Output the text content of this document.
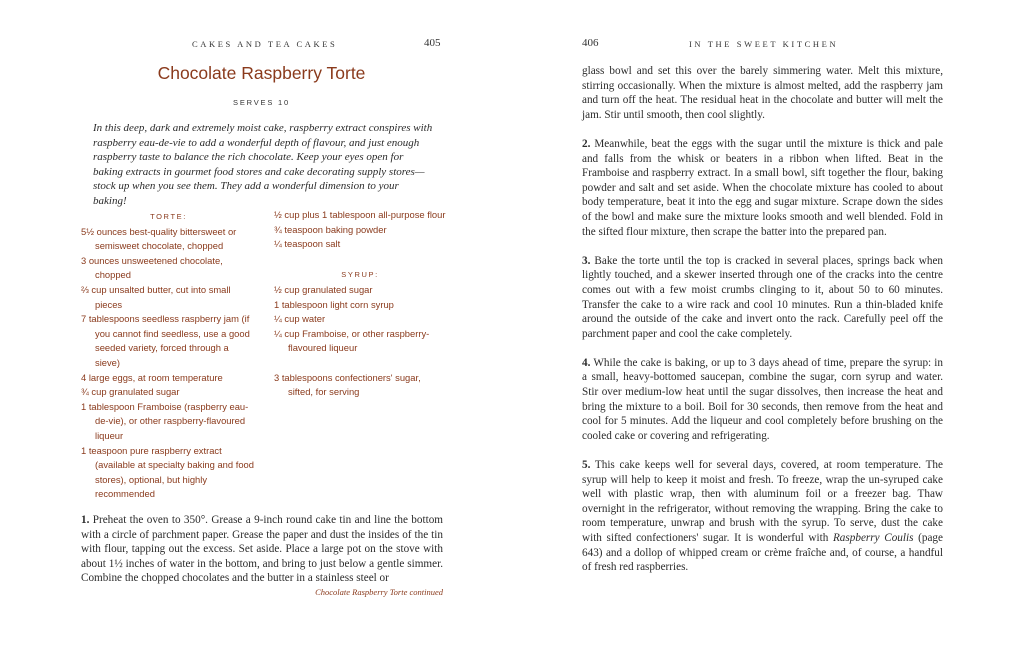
CAKES AND TEA CAKES	405
Chocolate Raspberry Torte
SERVES 10

In this deep, dark and extremely moist cake, raspberry extract conspires with raspberry eau-de-vie to add a wonderful depth of flavour, and just enough raspberry taste to balance the rich chocolate. Keep your eyes open for baking extracts in gourmet food stores and cake decorating supply stores—stock up when you see them. They add a wonderful dimension to your baking!

TORTE:
5½ ounces best-quality bittersweet or semisweet chocolate, chopped
3 ounces unsweetened chocolate, chopped
⅔ cup unsalted butter, cut into small pieces
7 tablespoons seedless raspberry jam (if you cannot find seedless, use a good seeded variety, forced through a sieve)
4 large eggs, at room temperature
¾ cup granulated sugar
1 tablespoon Framboise (raspberry eau-de-vie), or other raspberry-flavoured liqueur
1 teaspoon pure raspberry extract (available at specialty baking and food stores), optional, but highly recommended
½ cup plus 1 tablespoon all-purpose flour
¾ teaspoon baking powder
¼ teaspoon salt
SYRUP:
½ cup granulated sugar
1 tablespoon light corn syrup
¼ cup water
¼ cup Framboise, or other raspberry-flavoured liqueur
3 tablespoons confectioners' sugar, sifted, for serving

1. Preheat the oven to 350°. Grease a 9-inch round cake tin and line the bottom with a circle of parchment paper. Grease the paper and dust the insides of the tin with flour, tapping out the excess. Set aside. Place a large pot on the stove with about 1½ inches of water in the bottom, and bring to just below a gentle simmer. Combine the chopped chocolates and the butter in a stainless steel or

Chocolate Raspberry Torte continued
406	IN THE SWEET KITCHEN

glass bowl and set this over the barely simmering water. Melt this mixture, stirring occasionally. When the mixture is almost melted, add the raspberry jam and turn off the heat. The residual heat in the chocolate and butter will melt the jam. Stir until smooth, then cool slightly.

2. Meanwhile, beat the eggs with the sugar until the mixture is thick and pale and falls from the whisk or beaters in a ribbon when lifted. Beat in the Framboise and raspberry extract. In a small bowl, sift together the flour, baking powder and salt and set aside. When the chocolate mixture has cooled to about body temperature, beat it into the egg and sugar mixture. Scrape down the sides of the bowl and make sure the mixture looks smooth and well blended. Fold in the sifted flour mixture, then scrape the batter into the prepared pan.

3. Bake the torte until the top is cracked in several places, springs back when lightly touched, and a skewer inserted through one of the cracks into the centre comes out with a few moist crumbs clinging to it, about 50 to 60 minutes. Transfer the cake to a wire rack and cool 10 minutes. Run a thin-bladed knife around the outside of the cake and invert onto the rack. Carefully peel off the parchment paper and cool the cake completely.

4. While the cake is baking, or up to 3 days ahead of time, prepare the syrup: in a small, heavy-bottomed saucepan, combine the sugar, corn syrup and water. Stir over medium-low heat until the sugar dissolves, then increase the heat and bring the mixture to a boil. Boil for 30 seconds, then remove from the heat and cool for 5 minutes. Add the liqueur and cool completely before brushing on the cooled cake or covering and refrigerating.

5. This cake keeps well for several days, covered, at room temperature. The syrup will help to keep it moist and fresh. To freeze, wrap the un-syruped cake well with plastic wrap, then with aluminum foil or a freezer bag. Thaw overnight in the refrigerator, without removing the wrapping. Bring the cake to room temperature, unwrap and brush with the syrup. To serve, dust the cake with sifted confectioners' sugar. It is wonderful with Raspberry Coulis (page 643) and a dollop of whipped cream or crème fraîche and, of course, a handful of fresh red raspberries.
